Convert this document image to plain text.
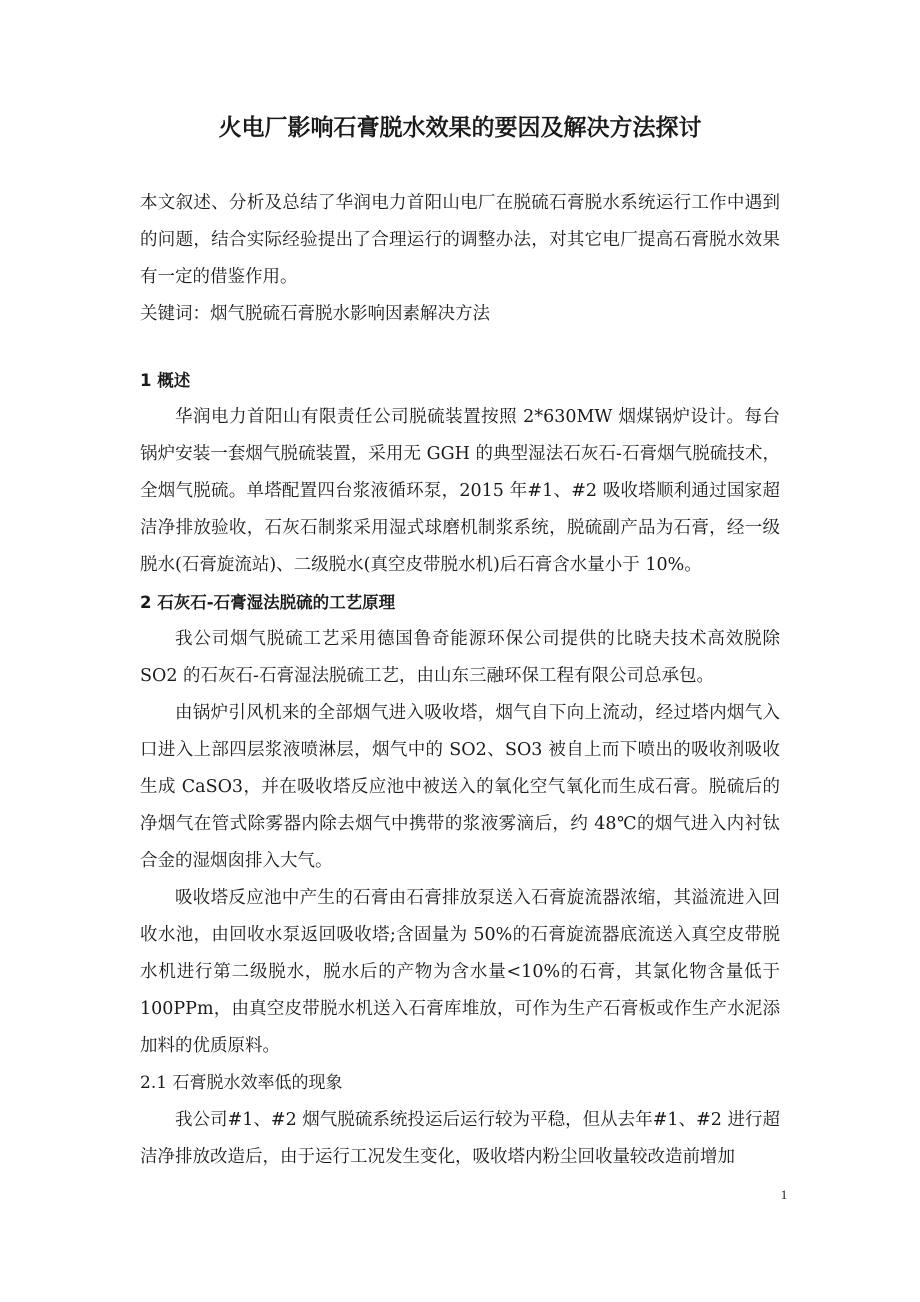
火电厂影响石膏脱水效果的要因及解决方法探讨

本文叙述、分析及总结了华润电力首阳山电厂在脱硫石膏脱水系统运行工作中遇到的问题，结合实际经验提出了合理运行的调整办法，对其它电厂提高石膏脱水效果有一定的借鉴作用。

关键词：烟气脱硫石膏脱水影响因素解决方法

1 概述

华润电力首阳山有限责任公司脱硫装置按照 2*630MW 烟煤锅炉设计。每台锅炉安装一套烟气脱硫装置，采用无 GGH 的典型湿法石灰石-石膏烟气脱硫技术，全烟气脱硫。单塔配置四台浆液循环泵，2015 年#1、#2 吸收塔顺利通过国家超洁净排放验收，石灰石制浆采用湿式球磨机制浆系统，脱硫副产品为石膏，经一级脱水(石膏旋流站)、二级脱水(真空皮带脱水机)后石膏含水量小于 10%。

2 石灰石-石膏湿法脱硫的工艺原理

我公司烟气脱硫工艺采用德国鲁奇能源环保公司提供的比晓夫技术高效脱除 SO2 的石灰石-石膏湿法脱硫工艺，由山东三融环保工程有限公司总承包。

由锅炉引风机来的全部烟气进入吸收塔，烟气自下向上流动，经过塔内烟气入口进入上部四层浆液喷淋层，烟气中的 SO2、SO3 被自上而下喷出的吸收剂吸收生成 CaSO3，并在吸收塔反应池中被送入的氧化空气氧化而生成石膏。脱硫后的净烟气在管式除雾器内除去烟气中携带的浆液雾滴后，约 48℃的烟气进入内衬钛合金的湿烟囱排入大气。

吸收塔反应池中产生的石膏由石膏排放泵送入石膏旋流器浓缩，其溢流进入回收水池，由回收水泵返回吸收塔;含固量为 50%的石膏旋流器底流送入真空皮带脱水机进行第二级脱水，脱水后的产物为含水量<10%的石膏，其氯化物含量低于 100PPm，由真空皮带脱水机送入石膏库堆放，可作为生产石膏板或作生产水泥添加料的优质原料。

2.1 石膏脱水效率低的现象

我公司#1、#2 烟气脱硫系统投运后运行较为平稳，但从去年#1、#2 进行超洁净排放改造后，由于运行工况发生变化，吸收塔内粉尘回收量较改造前增加

1
